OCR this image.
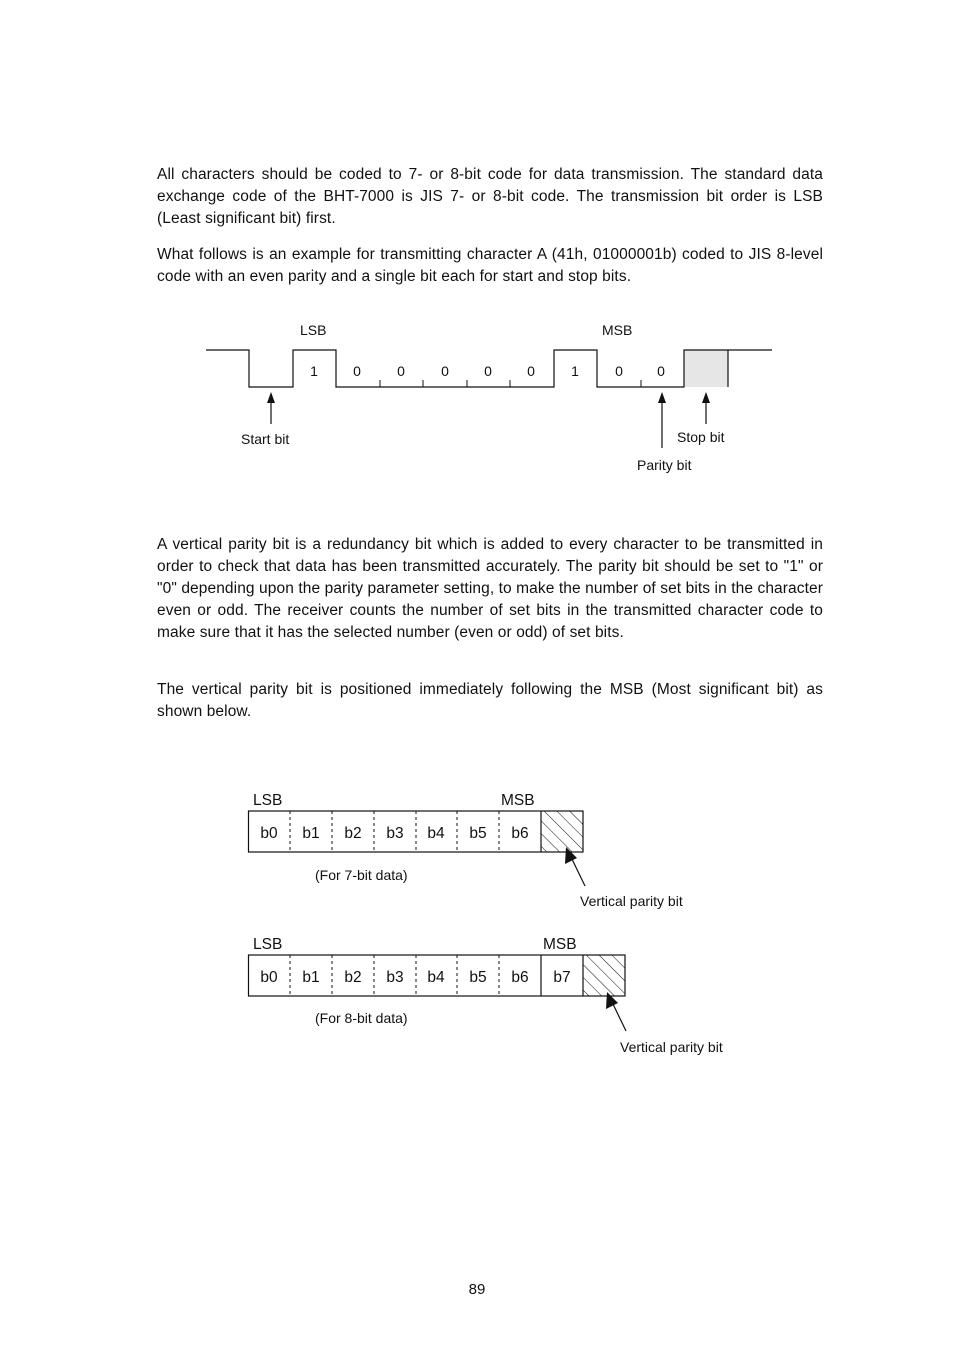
All characters should be coded to 7- or 8-bit code for data transmission. The standard data exchange code of the BHT-7000 is JIS 7- or 8-bit code. The transmission bit order is LSB (Least significant bit) first.

What follows is an example for transmitting character A (41h, 01000001b) coded to JIS 8-level code with an even parity and a single bit each for start and stop bits.

LSB	MSB
1	0	0	0	0	0	1	0 0
Start bit	Stop bit
Parity bit

A vertical parity bit is a redundancy bit which is added to every character to be transmitted in order to check that data has been transmitted accurately. The parity bit should be set to "1" or "0" depending upon the parity parameter setting, to make the number of set bits in the character even or odd. The receiver counts the number of set bits in the transmitted character code to make sure that it has the selected number (even or odd) of set bits.

The vertical parity bit is positioned immediately following the MSB (Most significant bit) as shown below.

LSB	MSB
b0 b1 b2 b3 b4 b5 b6
(For 7-bit data)
Vertical parity bit
LSB	MSB
b0 b1 b2 b3 b4 b5 b6 b7
(For 8-bit data)
Vertical parity bit
89
